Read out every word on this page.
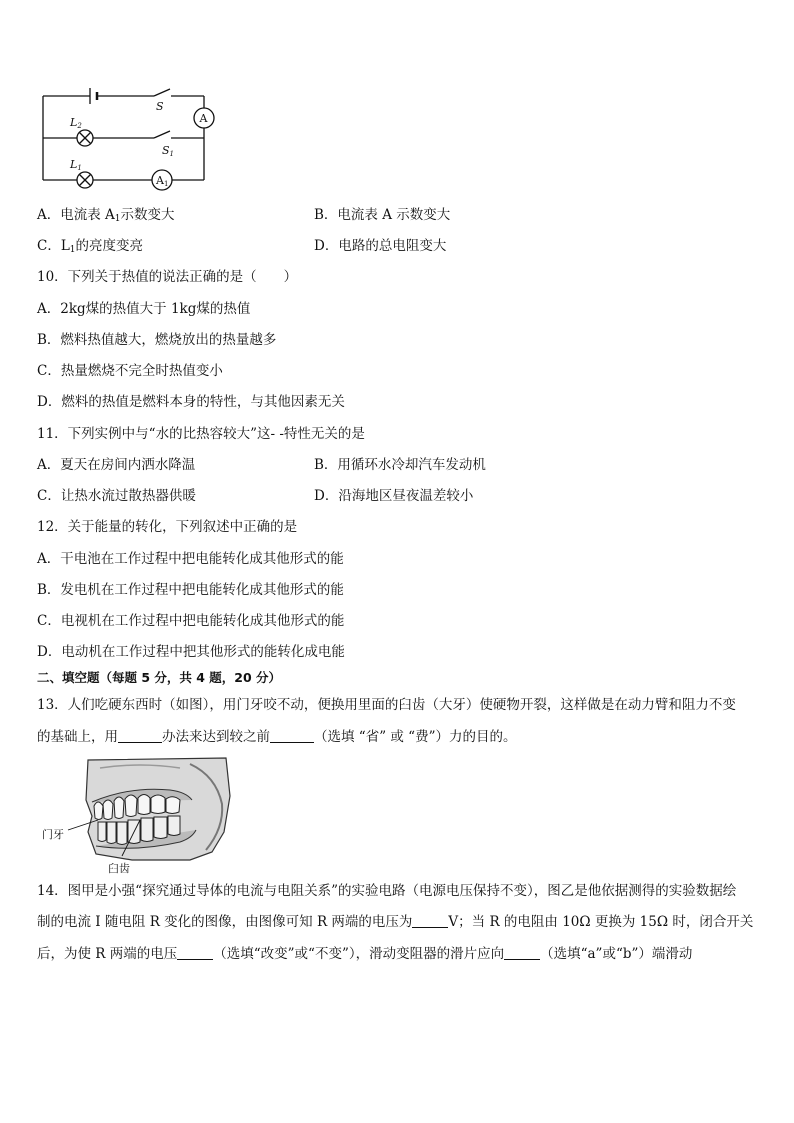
S
S1
L2
L1
A
A1
A．电流表 $A_1$示数变大	B．电流表 A 示数变大
C．$L_1$的亮度变亮	D．电路的总电阻变大
10．下列关于热值的说法正确的是（　　）
A．2kg煤的热值大于 1kg煤的热值
B．燃料热值越大，燃烧放出的热量越多
C．热量燃烧不完全时热值变小
D．燃料的热值是燃料本身的特性，与其他因素无关
11．下列实例中与“水的比热容较大”这- -特性无关的是
A．夏天在房间内洒水降温	B．用循环水冷却汽车发动机
C．让热水流过散热器供暖	D．沿海地区昼夜温差较小
12．关于能量的转化，下列叙述中正确的是
A．干电池在工作过程中把电能转化成其他形式的能
B．发电机在工作过程中把电能转化成其他形式的能
C．电视机在工作过程中把电能转化成其他形式的能
D．电动机在工作过程中把其他形式的能转化成电能
二、填空题（每题 5 分，共 4 题，20 分）
13．人们吃硬东西时（如图），用门牙咬不动，便换用里面的臼齿（大牙）使硬物开裂，这样做是在动力臂和阻力不变
的基础上，用	办法来达到较之前	（选填 “省” 或 “费”）力的目的。
门牙
臼齿
14．图甲是小强“探究通过导体的电流与电阻关系”的实验电路（电源电压保持不变），图乙是他依据测得的实验数据绘
制的电流 I 随电阻 R 变化的图像，由图像可知 R 两端的电压为	V；当 R 的电阻由 10Ω 更换为 15Ω 时，闭合开关
后，为使 R 两端的电压	（选填“改变”或“不变”），滑动变阻器的滑片应向	（选填“a”或“b”）端滑动
